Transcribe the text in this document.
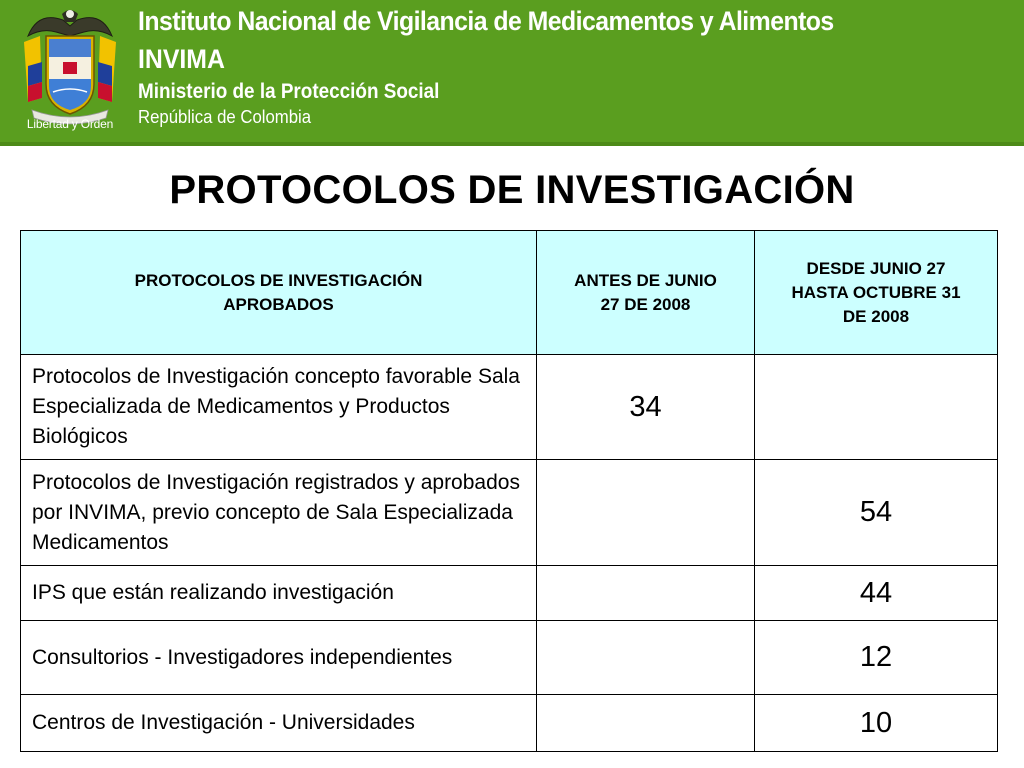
Libertad y Orden
Instituto Nacional de Vigilancia de Medicamentos y Alimentos
INVIMA
Ministerio de la Protección Social
República de Colombia
PROTOCOLOS DE INVESTIGACIÓN
PROTOCOLOS DE INVESTIGACIÓN APROBADOS	ANTES DE JUNIO 27 DE 2008	DESDE JUNIO 27 HASTA OCTUBRE 31 DE 2008

Protocolos de Investigación concepto favorable Sala Especializada de Medicamentos y Productos Biológicos	34	
Protocolos de Investigación registrados y aprobados por INVIMA, previo concepto de Sala Especializada Medicamentos		54
IPS que están realizando investigación		44
Consultorios - Investigadores independientes		12
Centros de Investigación - Universidades		10
